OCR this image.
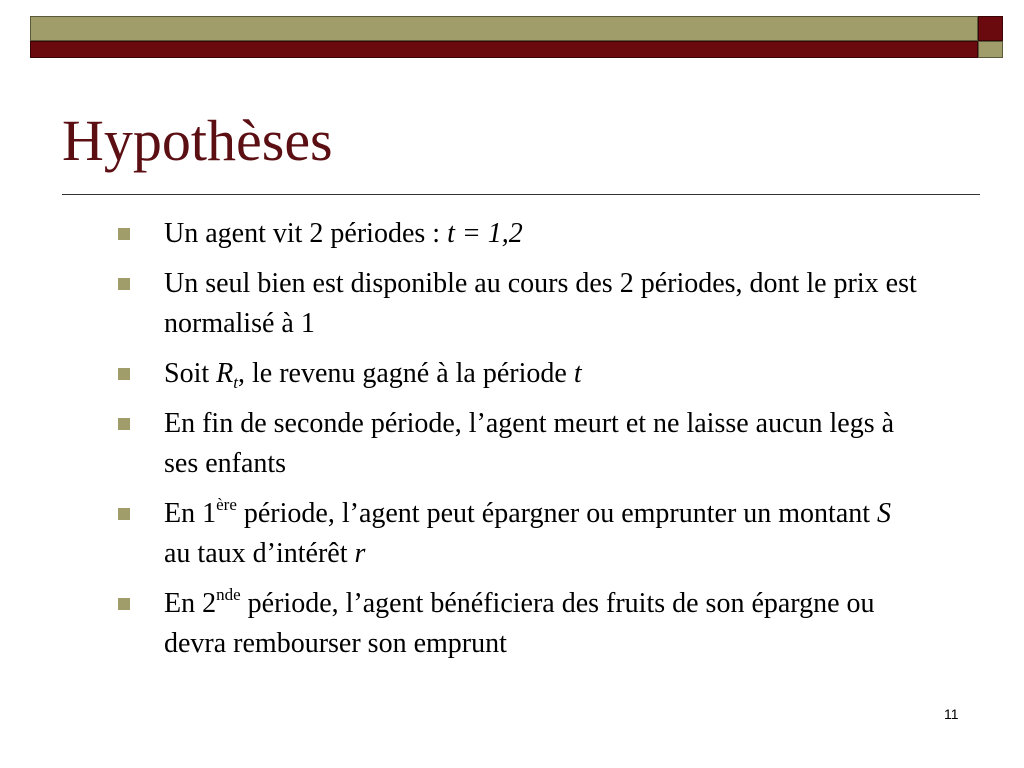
Hypothèses
Un agent vit 2 périodes : t = 1,2
Un seul bien est disponible au cours des 2 périodes, dont le prix est normalisé à 1
Soit $R_t$, le revenu gagné à la période t
En fin de seconde période, l’agent meurt et ne laisse aucun legs à ses enfants
En 1ère période, l’agent peut épargner ou emprunter un montant S au taux d’intérêt r
En 2nde période, l’agent bénéficiera des fruits de son épargne ou devra rembourser son emprunt
11
